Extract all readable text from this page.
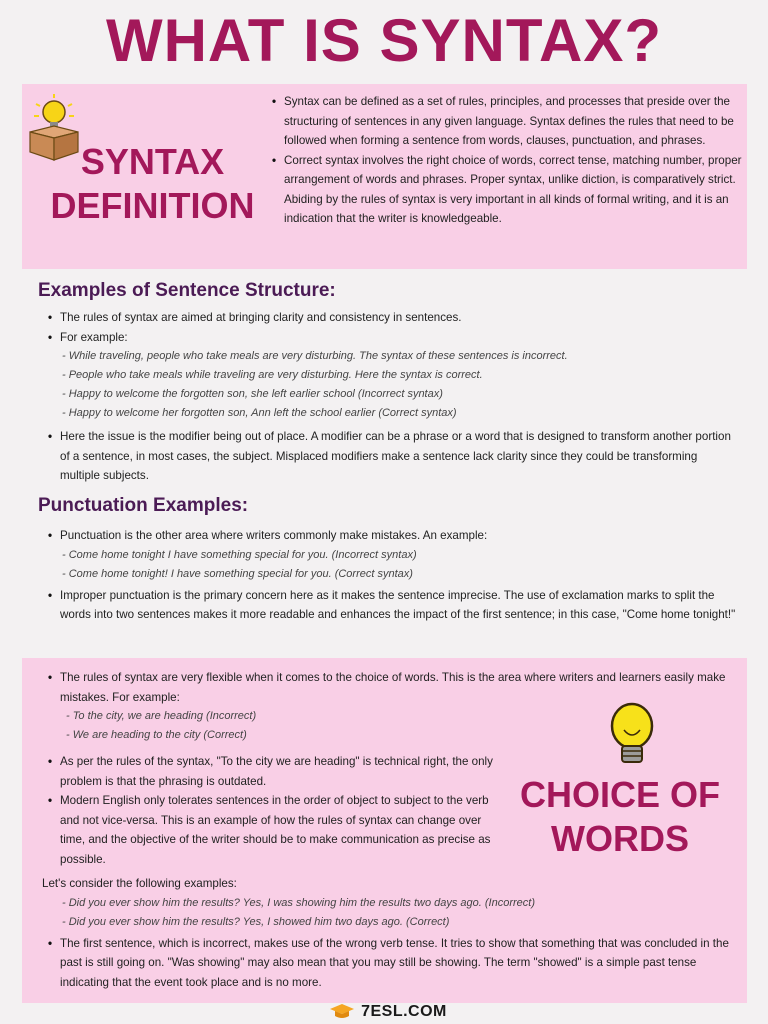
WHAT IS SYNTAX?
SYNTAX
DEFINITION
• Syntax can be defined as a set of rules, principles, and processes that preside over the structuring of sentences in any given language. Syntax defines the rules that need to be followed when forming a sentence from words, clauses, punctuation, and phrases.
• Correct syntax involves the right choice of words, correct tense, matching number, proper arrangement of words and phrases. Proper syntax, unlike diction, is comparatively strict. Abiding by the rules of syntax is very important in all kinds of formal writing, and it is an indication that the writer is knowledgeable.
Examples of Sentence Structure:
• The rules of syntax are aimed at bringing clarity and consistency in sentences.
• For example:
- While traveling, people who take meals are very disturbing. The syntax of these sentences is incorrect.
- People who take meals while traveling are very disturbing. Here the syntax is correct.
- Happy to welcome the forgotten son, she left earlier school (Incorrect syntax)
- Happy to welcome her forgotten son, Ann left the school earlier (Correct syntax)
• Here the issue is the modifier being out of place. A modifier can be a phrase or a word that is designed to transform another portion of a sentence, in most cases, the subject. Misplaced modifiers make a sentence lack clarity since they could be transforming multiple subjects.
Punctuation Examples:
• Punctuation is the other area where writers commonly make mistakes. An example:
- Come home tonight I have something special for you. (Incorrect syntax)
- Come home tonight! I have something special for you. (Correct syntax)
• Improper punctuation is the primary concern here as it makes the sentence imprecise. The use of exclamation marks to split the words into two sentences makes it more readable and enhances the impact of the first sentence; in this case, "Come home tonight!"
CHOICE OF
WORDS
• The rules of syntax are very flexible when it comes to the choice of words. This is the area where writers and learners easily make mistakes. For example:
- To the city, we are heading (Incorrect)
- We are heading to the city (Correct)
• As per the rules of the syntax, "To the city we are heading" is technical right, the only problem is that the phrasing is outdated.
• Modern English only tolerates sentences in the order of object to subject to the verb and not vice-versa. This is an example of how the rules of syntax can change over time, and the objective of the writer should be to make communication as precise as possible.
Let's consider the following examples:
- Did you ever show him the results? Yes, I was showing him the results two days ago. (Incorrect)
- Did you ever show him the results? Yes, I showed him two days ago. (Correct)
• The first sentence, which is incorrect, makes use of the wrong verb tense. It tries to show that something that was concluded in the past is still going on. "Was showing" may also mean that you may still be showing. The term "showed" is a simple past tense indicating that the event took place and is no more.
7ESL.COM
